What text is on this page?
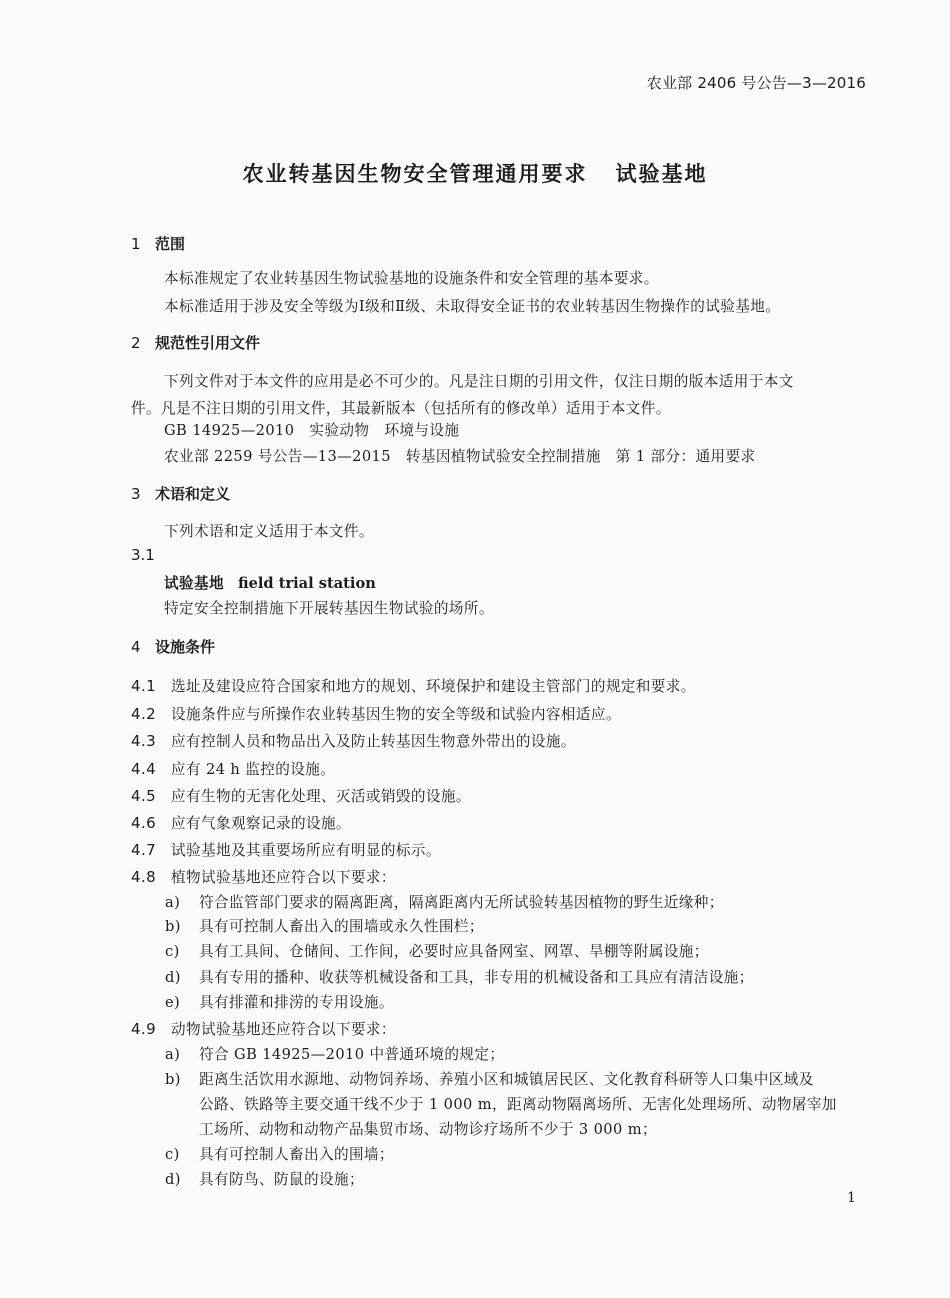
农业部 2406 号公告—3—2016
农业转基因生物安全管理通用要求 试验基地
1 范围
本标准规定了农业转基因生物试验基地的设施条件和安全管理的基本要求。
本标准适用于涉及安全等级为Ⅰ级和Ⅱ级、未取得安全证书的农业转基因生物操作的试验基地。
2 规范性引用文件
下列文件对于本文件的应用是必不可少的。凡是注日期的引用文件，仅注日期的版本适用于本文
件。凡是不注日期的引用文件，其最新版本（包括所有的修改单）适用于本文件。
GB 14925—2010　实验动物　环境与设施
农业部 2259 号公告—13—2015　转基因植物试验安全控制措施　第 1 部分：通用要求
3 术语和定义
下列术语和定义适用于本文件。
3.1
试验基地 field trial station
特定安全控制措施下开展转基因生物试验的场所。
4 设施条件
4.1 选址及建设应符合国家和地方的规划、环境保护和建设主管部门的规定和要求。
4.2 设施条件应与所操作农业转基因生物的安全等级和试验内容相适应。
4.3 应有控制人员和物品出入及防止转基因生物意外带出的设施。
4.4 应有 24 h 监控的设施。
4.5 应有生物的无害化处理、灭活或销毁的设施。
4.6 应有气象观察记录的设施。
4.7 试验基地及其重要场所应有明显的标示。
4.8 植物试验基地还应符合以下要求：
a) 符合监管部门要求的隔离距离，隔离距离内无所试验转基因植物的野生近缘种；
b) 具有可控制人畜出入的围墙或永久性围栏；
c) 具有工具间、仓储间、工作间，必要时应具备网室、网罩、旱棚等附属设施；
d) 具有专用的播种、收获等机械设备和工具，非专用的机械设备和工具应有清洁设施；
e) 具有排灌和排涝的专用设施。
4.9 动物试验基地还应符合以下要求：
a) 符合 GB 14925—2010 中普通环境的规定；
b) 距离生活饮用水源地、动物饲养场、养殖小区和城镇居民区、文化教育科研等人口集中区域及
公路、铁路等主要交通干线不少于 1 000 m，距离动物隔离场所、无害化处理场所、动物屠宰加
工场所、动物和动物产品集贸市场、动物诊疗场所不少于 3 000 m；
c) 具有可控制人畜出入的围墙；
d) 具有防鸟、防鼠的设施；
1
